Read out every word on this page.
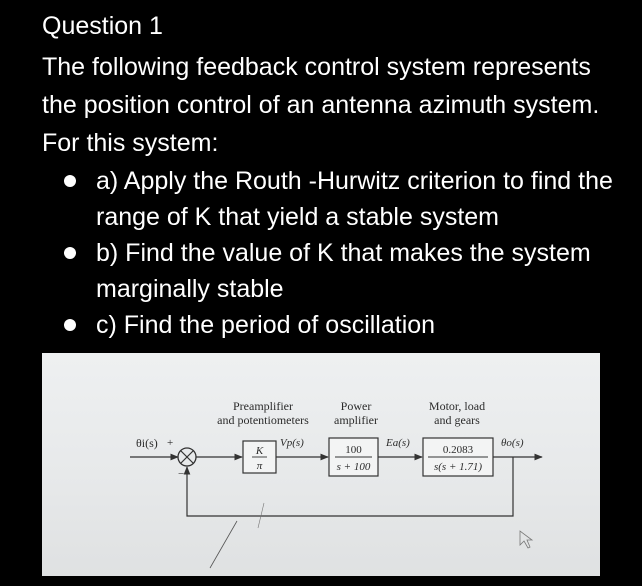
Question 1
The following feedback control system represents the position control of an antenna azimuth system. For this system:
a) Apply the Routh -Hurwitz criterion to find the range of K that yield a stable system
b) Find the value of K that makes the system marginally stable
c) Find the period of oscillation
Preamplifier
and potentiometers
Power
amplifier
Motor, load
and gears
θi(s) +
−
K
π
Vp(s)
100
s + 100
Ea(s)
0.2083
s(s + 1.71)
θo(s)
